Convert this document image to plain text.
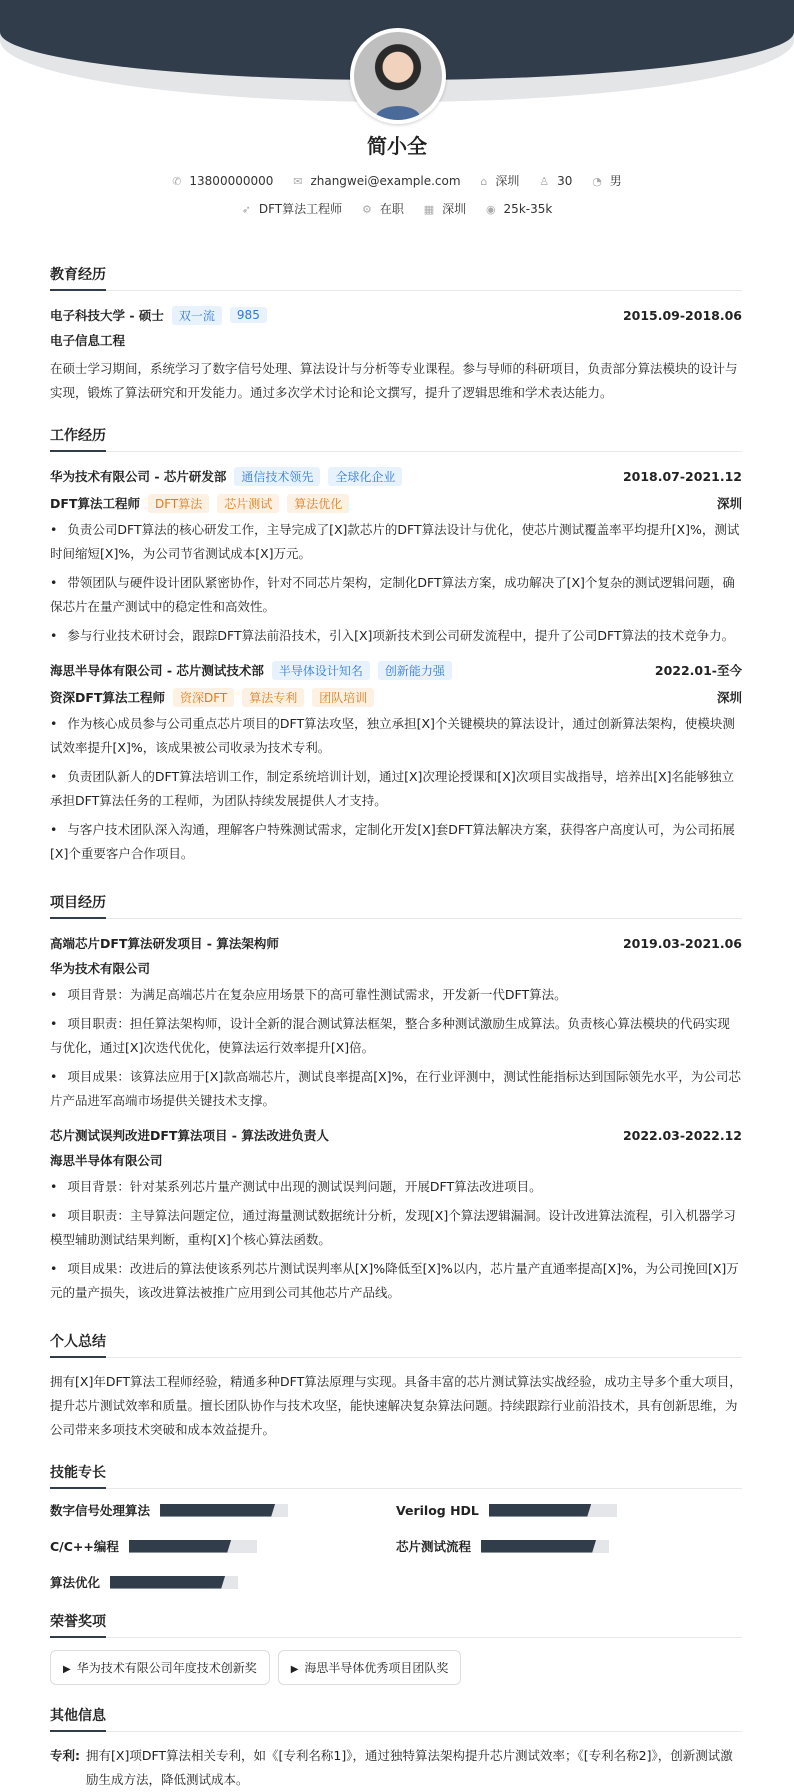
简小全
✆ 13800000000 ✉ zhangwei@example.com ⌂ 深圳 ♙ 30 ◔ 男
➶ DFT算法工程师 ⚙ 在职 ▦ 深圳 ◉ 25k-35k
教育经历
电子科技大学 - 硕士	双一流	985	2015.09-2018.06
电子信息工程
在硕士学习期间，系统学习了数字信号处理、算法设计与分析等专业课程。参与导师的科研项目，负责部分算法模块的设计与实现，锻炼了算法研究和开发能力。通过多次学术讨论和论文撰写，提升了逻辑思维和学术表达能力。
工作经历
华为技术有限公司 - 芯片研发部	通信技术领先	全球化企业	2018.07-2021.12
DFT算法工程师	DFT算法	芯片测试	算法优化	深圳
• 负责公司DFT算法的核心研发工作，主导完成了[X]款芯片的DFT算法设计与优化，使芯片测试覆盖率平均提升[X]%，测试时间缩短[X]%，为公司节省测试成本[X]万元。
• 带领团队与硬件设计团队紧密协作，针对不同芯片架构，定制化DFT算法方案，成功解决了[X]个复杂的测试逻辑问题，确保芯片在量产测试中的稳定性和高效性。
• 参与行业技术研讨会，跟踪DFT算法前沿技术，引入[X]项新技术到公司研发流程中，提升了公司DFT算法的技术竞争力。
海思半导体有限公司 - 芯片测试技术部	半导体设计知名	创新能力强	2022.01-至今
资深DFT算法工程师	资深DFT	算法专利	团队培训	深圳
• 作为核心成员参与公司重点芯片项目的DFT算法攻坚，独立承担[X]个关键模块的算法设计，通过创新算法架构，使模块测试效率提升[X]%，该成果被公司收录为技术专利。
• 负责团队新人的DFT算法培训工作，制定系统培训计划，通过[X]次理论授课和[X]次项目实战指导，培养出[X]名能够独立承担DFT算法任务的工程师，为团队持续发展提供人才支持。
• 与客户技术团队深入沟通，理解客户特殊测试需求，定制化开发[X]套DFT算法解决方案，获得客户高度认可，为公司拓展[X]个重要客户合作项目。
项目经历
高端芯片DFT算法研发项目 - 算法架构师	2019.03-2021.06
华为技术有限公司
• 项目背景：为满足高端芯片在复杂应用场景下的高可靠性测试需求，开发新一代DFT算法。
• 项目职责：担任算法架构师，设计全新的混合测试算法框架，整合多种测试激励生成算法。负责核心算法模块的代码实现与优化，通过[X]次迭代优化，使算法运行效率提升[X]倍。
• 项目成果：该算法应用于[X]款高端芯片，测试良率提高[X]%，在行业评测中，测试性能指标达到国际领先水平，为公司芯片产品进军高端市场提供关键技术支撑。
芯片测试误判改进DFT算法项目 - 算法改进负责人	2022.03-2022.12
海思半导体有限公司
• 项目背景：针对某系列芯片量产测试中出现的测试误判问题，开展DFT算法改进项目。
• 项目职责：主导算法问题定位，通过海量测试数据统计分析，发现[X]个算法逻辑漏洞。设计改进算法流程，引入机器学习模型辅助测试结果判断，重构[X]个核心算法函数。
• 项目成果：改进后的算法使该系列芯片测试误判率从[X]%降低至[X]%以内，芯片量产直通率提高[X]%，为公司挽回[X]万元的量产损失，该改进算法被推广应用到公司其他芯片产品线。
个人总结
拥有[X]年DFT算法工程师经验，精通多种DFT算法原理与实现。具备丰富的芯片测试算法实战经验，成功主导多个重大项目，提升芯片测试效率和质量。擅长团队协作与技术攻坚，能快速解决复杂算法问题。持续跟踪行业前沿技术，具有创新思维，为公司带来多项技术突破和成本效益提升。
技能专长
数字信号处理算法	Verilog HDL
C/C++编程	芯片测试流程
算法优化
荣誉奖项
▶ 华为技术有限公司年度技术创新奖	▶ 海思半导体优秀项目团队奖
其他信息
专利: 拥有[X]项DFT算法相关专利，如《[专利名称1]》，通过独特算法架构提升芯片测试效率；《[专利名称2]》，创新测试激励生成方法，降低测试成本。
